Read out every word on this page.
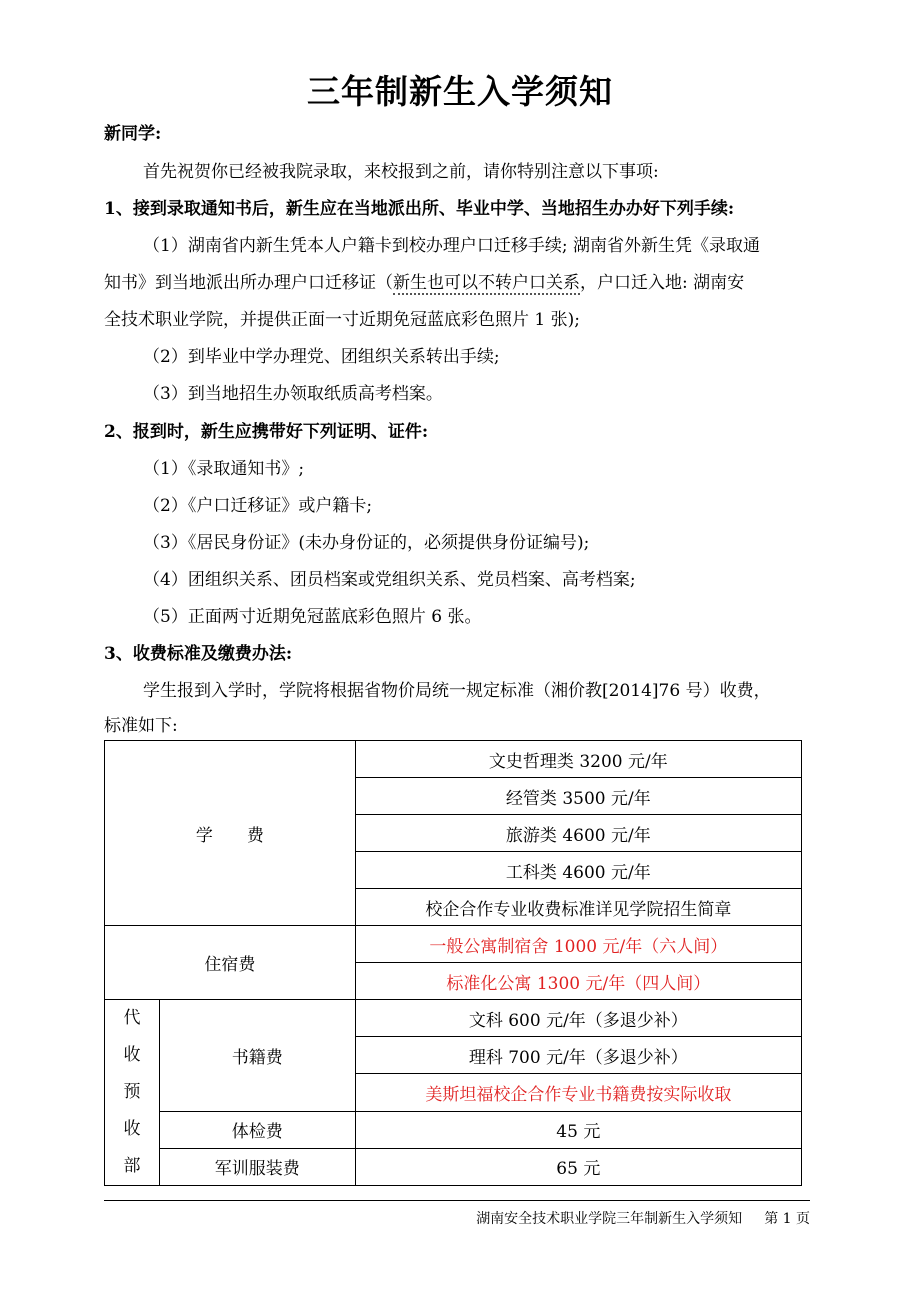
三年制新生入学须知
新同学:
首先祝贺你已经被我院录取，来校报到之前，请你特别注意以下事项:
1、接到录取通知书后，新生应在当地派出所、毕业中学、当地招生办办好下列手续:
（1）湖南省内新生凭本人户籍卡到校办理户口迁移手续; 湖南省外新生凭《录取通
知书》到当地派出所办理户口迁移证（新生也可以不转户口关系，户口迁入地: 湖南安
全技术职业学院，并提供正面一寸近期免冠蓝底彩色照片 1 张);
（2）到毕业中学办理党、团组织关系转出手续;
（3）到当地招生办领取纸质高考档案。
2、报到时，新生应携带好下列证明、证件:
（1）《录取通知书》;
（2）《户口迁移证》或户籍卡;
（3）《居民身份证》(未办身份证的，必须提供身份证编号);
（4）团组织关系、团员档案或党组织关系、党员档案、高考档案;
（5）正面两寸近期免冠蓝底彩色照片 6 张。
3、收费标准及缴费办法:
学生报到入学时，学院将根据省物价局统一规定标准（湘价教[2014]76 号）收费，
标准如下:
学　　费		文史哲理类 3200 元/年
		经管类 3500 元/年
		旅游类 4600 元/年
		工科类 4600 元/年
		校企合作专业收费标准详见学院招生简章
住宿费		一般公寓制宿舍 1000 元/年（六人间）
		标准化公寓 1300 元/年（四人间）

代
收
预
收
部	书籍费	文科 600 元/年（多退少补）
		理科 700 元/年（多退少补）
		美斯坦福校企合作专业书籍费按实际收取
	体检费	45 元
	军训服装费	65 元
湖南安全技术职业学院三年制新生入学须知 第 1 页
